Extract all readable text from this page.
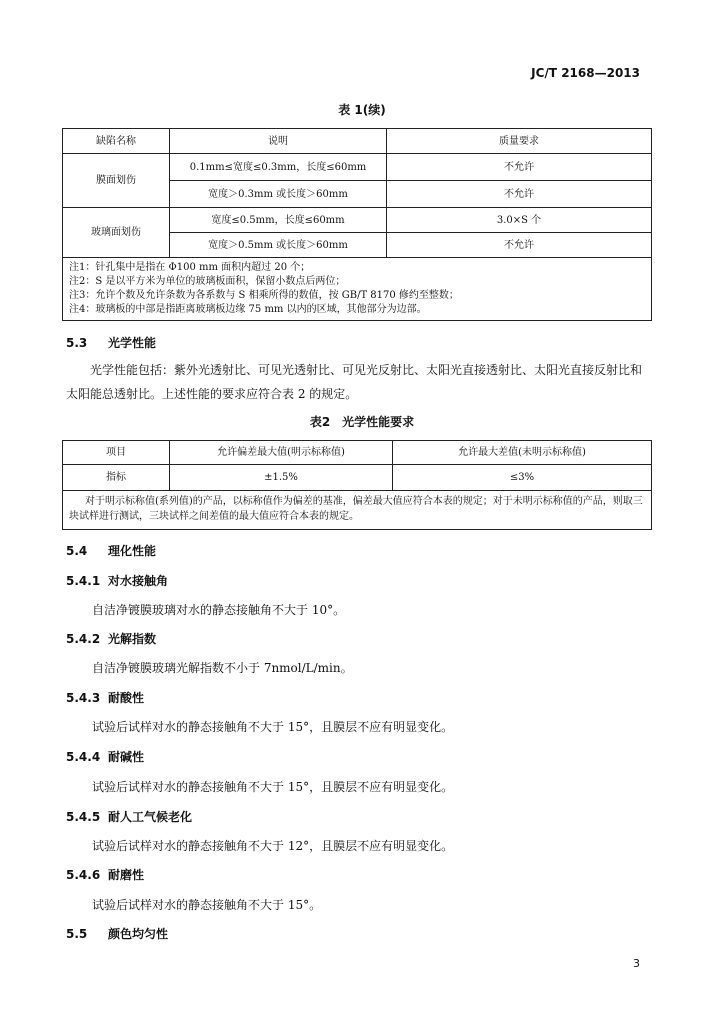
JC/T 2168—2013
表 1(续)
缺陷名称	说明	质量要求
膜面划伤	0.1mm≤宽度≤0.3mm，长度≤60mm	不允许
	宽度＞0.3mm 或长度＞60mm	不允许
玻璃面划伤	宽度≤0.5mm，长度≤60mm	3.0×S 个
	宽度＞0.5mm 或长度＞60mm	不允许

注1：针孔集中是指在 Φ100 mm 面积内超过 20 个；
注2：S 是以平方米为单位的玻璃板面积，保留小数点后两位；
注3：允许个数及允许条数为各系数与 S 相乘所得的数值，按 GB/T 8170 修约至整数；
注4：玻璃板的中部是指距离玻璃板边缘 75 mm 以内的区域，其他部分为边部。		
5.3 光学性能
光学性能包括：紫外光透射比、可见光透射比、可见光反射比、太阳光直接透射比、太阳光直接反射比和太阳能总透射比。上述性能的要求应符合表 2 的规定。
表2　光学性能要求
项目	允许偏差最大值(明示标称值)	允许最大差值(未明示标称值)
指标	±1.5%	≤3%
对于明示标称值(系列值)的产品，以标称值作为偏差的基准，偏差最大值应符合本表的规定；对于未明示标称值的产品，则取三块试样进行测试，三块试样之间差值的最大值应符合本表的规定。		
5.4 理化性能
5.4.1 对水接触角
自洁净镀膜玻璃对水的静态接触角不大于 10°。
5.4.2 光解指数
自洁净镀膜玻璃光解指数不小于 7nmol/L/min。
5.4.3 耐酸性
试验后试样对水的静态接触角不大于 15°，且膜层不应有明显变化。
5.4.4 耐碱性
试验后试样对水的静态接触角不大于 15°，且膜层不应有明显变化。
5.4.5 耐人工气候老化
试验后试样对水的静态接触角不大于 12°，且膜层不应有明显变化。
5.4.6 耐磨性
试验后试样对水的静态接触角不大于 15°。
5.5 颜色均匀性
3
